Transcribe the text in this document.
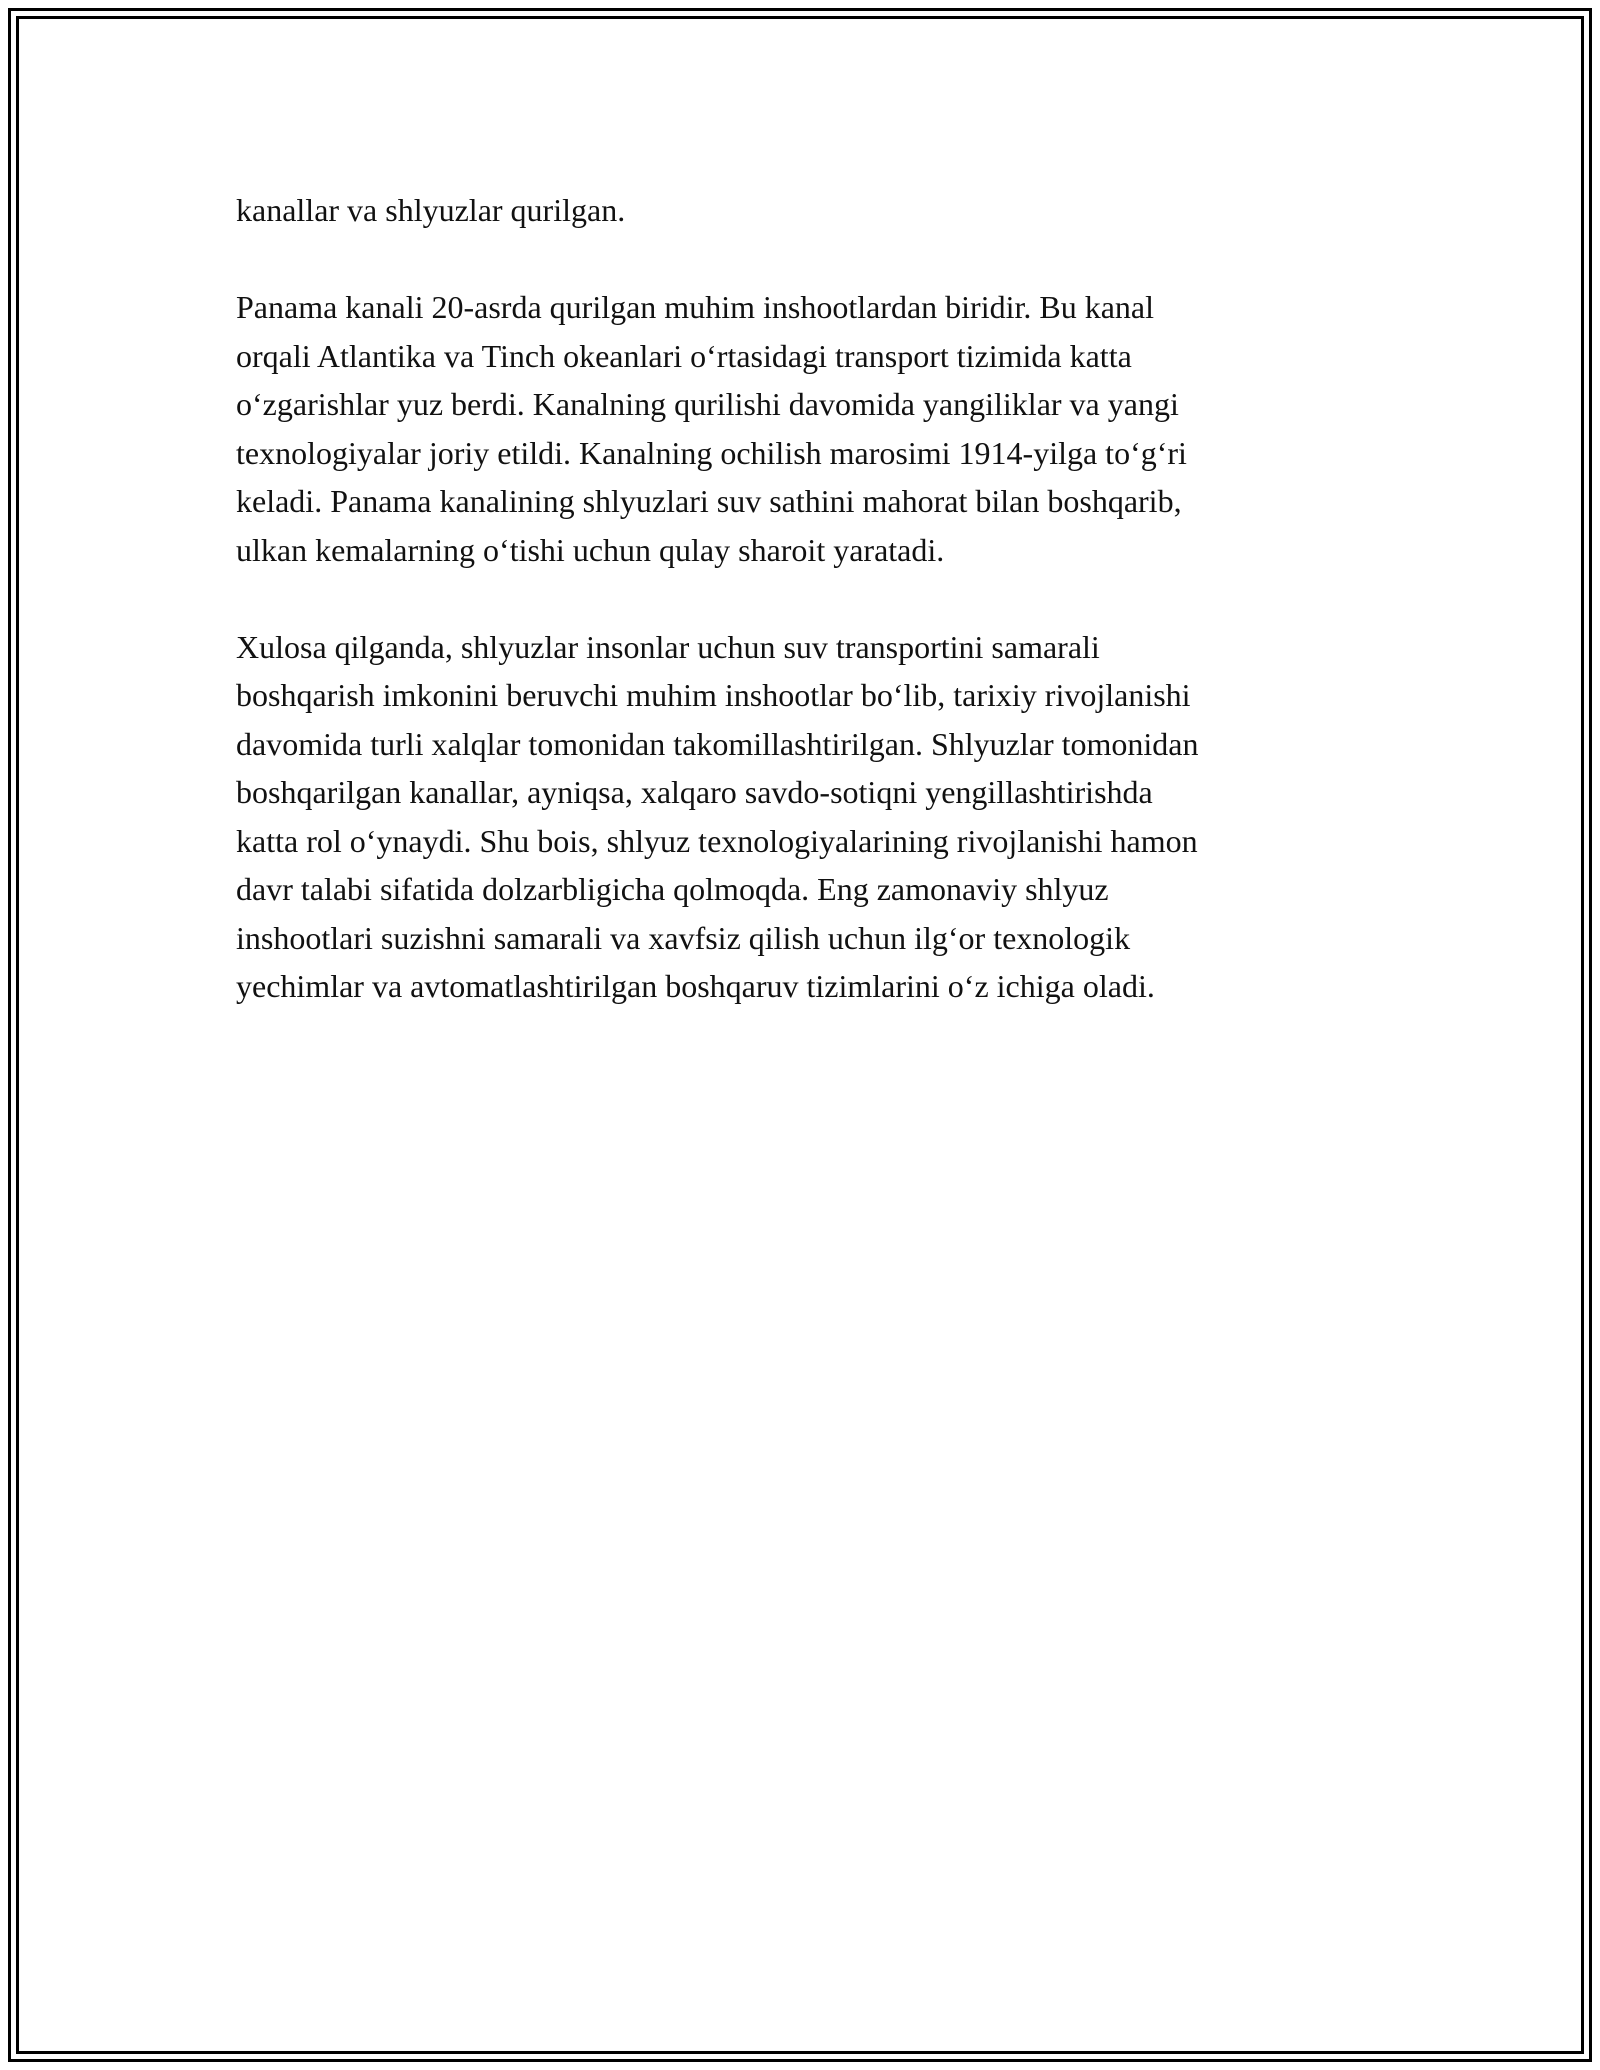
kanallar va shlyuzlar qurilgan.

Panama kanali 20-asrda qurilgan muhim inshootlardan biridir. Bu kanal
orqali Atlantika va Tinch okeanlari o‘rtasidagi transport tizimida katta
o‘zgarishlar yuz berdi. Kanalning qurilishi davomida yangiliklar va yangi
texnologiyalar joriy etildi. Kanalning ochilish marosimi 1914-yilga to‘g‘ri
keladi. Panama kanalining shlyuzlari suv sathini mahorat bilan boshqarib,
ulkan kemalarning o‘tishi uchun qulay sharoit yaratadi.

Xulosa qilganda, shlyuzlar insonlar uchun suv transportini samarali
boshqarish imkonini beruvchi muhim inshootlar bo‘lib, tarixiy rivojlanishi
davomida turli xalqlar tomonidan takomillashtirilgan. Shlyuzlar tomonidan
boshqarilgan kanallar, ayniqsa, xalqaro savdo-sotiqni yengillashtirishda
katta rol o‘ynaydi. Shu bois, shlyuz texnologiyalarining rivojlanishi hamon
davr talabi sifatida dolzarbligicha qolmoqda. Eng zamonaviy shlyuz
inshootlari suzishni samarali va xavfsiz qilish uchun ilg‘or texnologik
yechimlar va avtomatlashtirilgan boshqaruv tizimlarini o‘z ichiga oladi.
